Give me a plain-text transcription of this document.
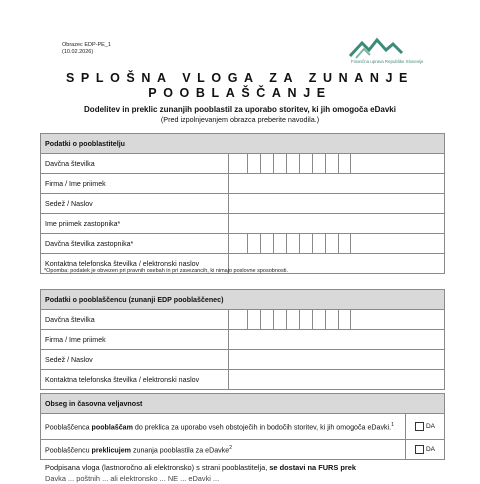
Obrazec EDP-PE_1
(10.02.2026)
Finančna uprava Republike Slovenije
SPLOŠNA VLOGA ZA ZUNANJE
POOBLAŠČANJE
Dodelitev in preklic zunanjih pooblastil za uporabo storitev, ki jih omogoča eDavki
(Pred izpolnjevanjem obrazca preberite navodila.)
Podatki o pooblastitelju	
Davčna številka	

Firma / Ime priimek	
Sedež / Naslov	
Ime priimek zastopnika*	
Davčna številka zastopnika*	

Kontaktna telefonska številka / elektronski naslov	
*Opomba: podatek je obvezen pri pravnih osebah in pri zavezancih, ki nimajo poslovne sposobnosti.
Podatki o pooblaščencu (zunanji EDP pooblaščenec)	
Davčna številka	

Firma / Ime priimek	
Sedež / Naslov	
Kontaktna telefonska številka / elektronski naslov	
Obseg in časovna veljavnost	
Pooblaščenca pooblaščam do preklica za uporabo vseh obstoječih in bodočih storitev, ki jih omogoča eDavki.$^1$	DA
Pooblaščencu preklicujem zunanja pooblastila za eDavke$^2$	DA
Podpisana vloga (lastnoročno ali elektronsko) s strani pooblastitelja, se dostavi na FURS prek
Davka ... poštnih ... ali elektronsko ... NE ... eDavki ...
